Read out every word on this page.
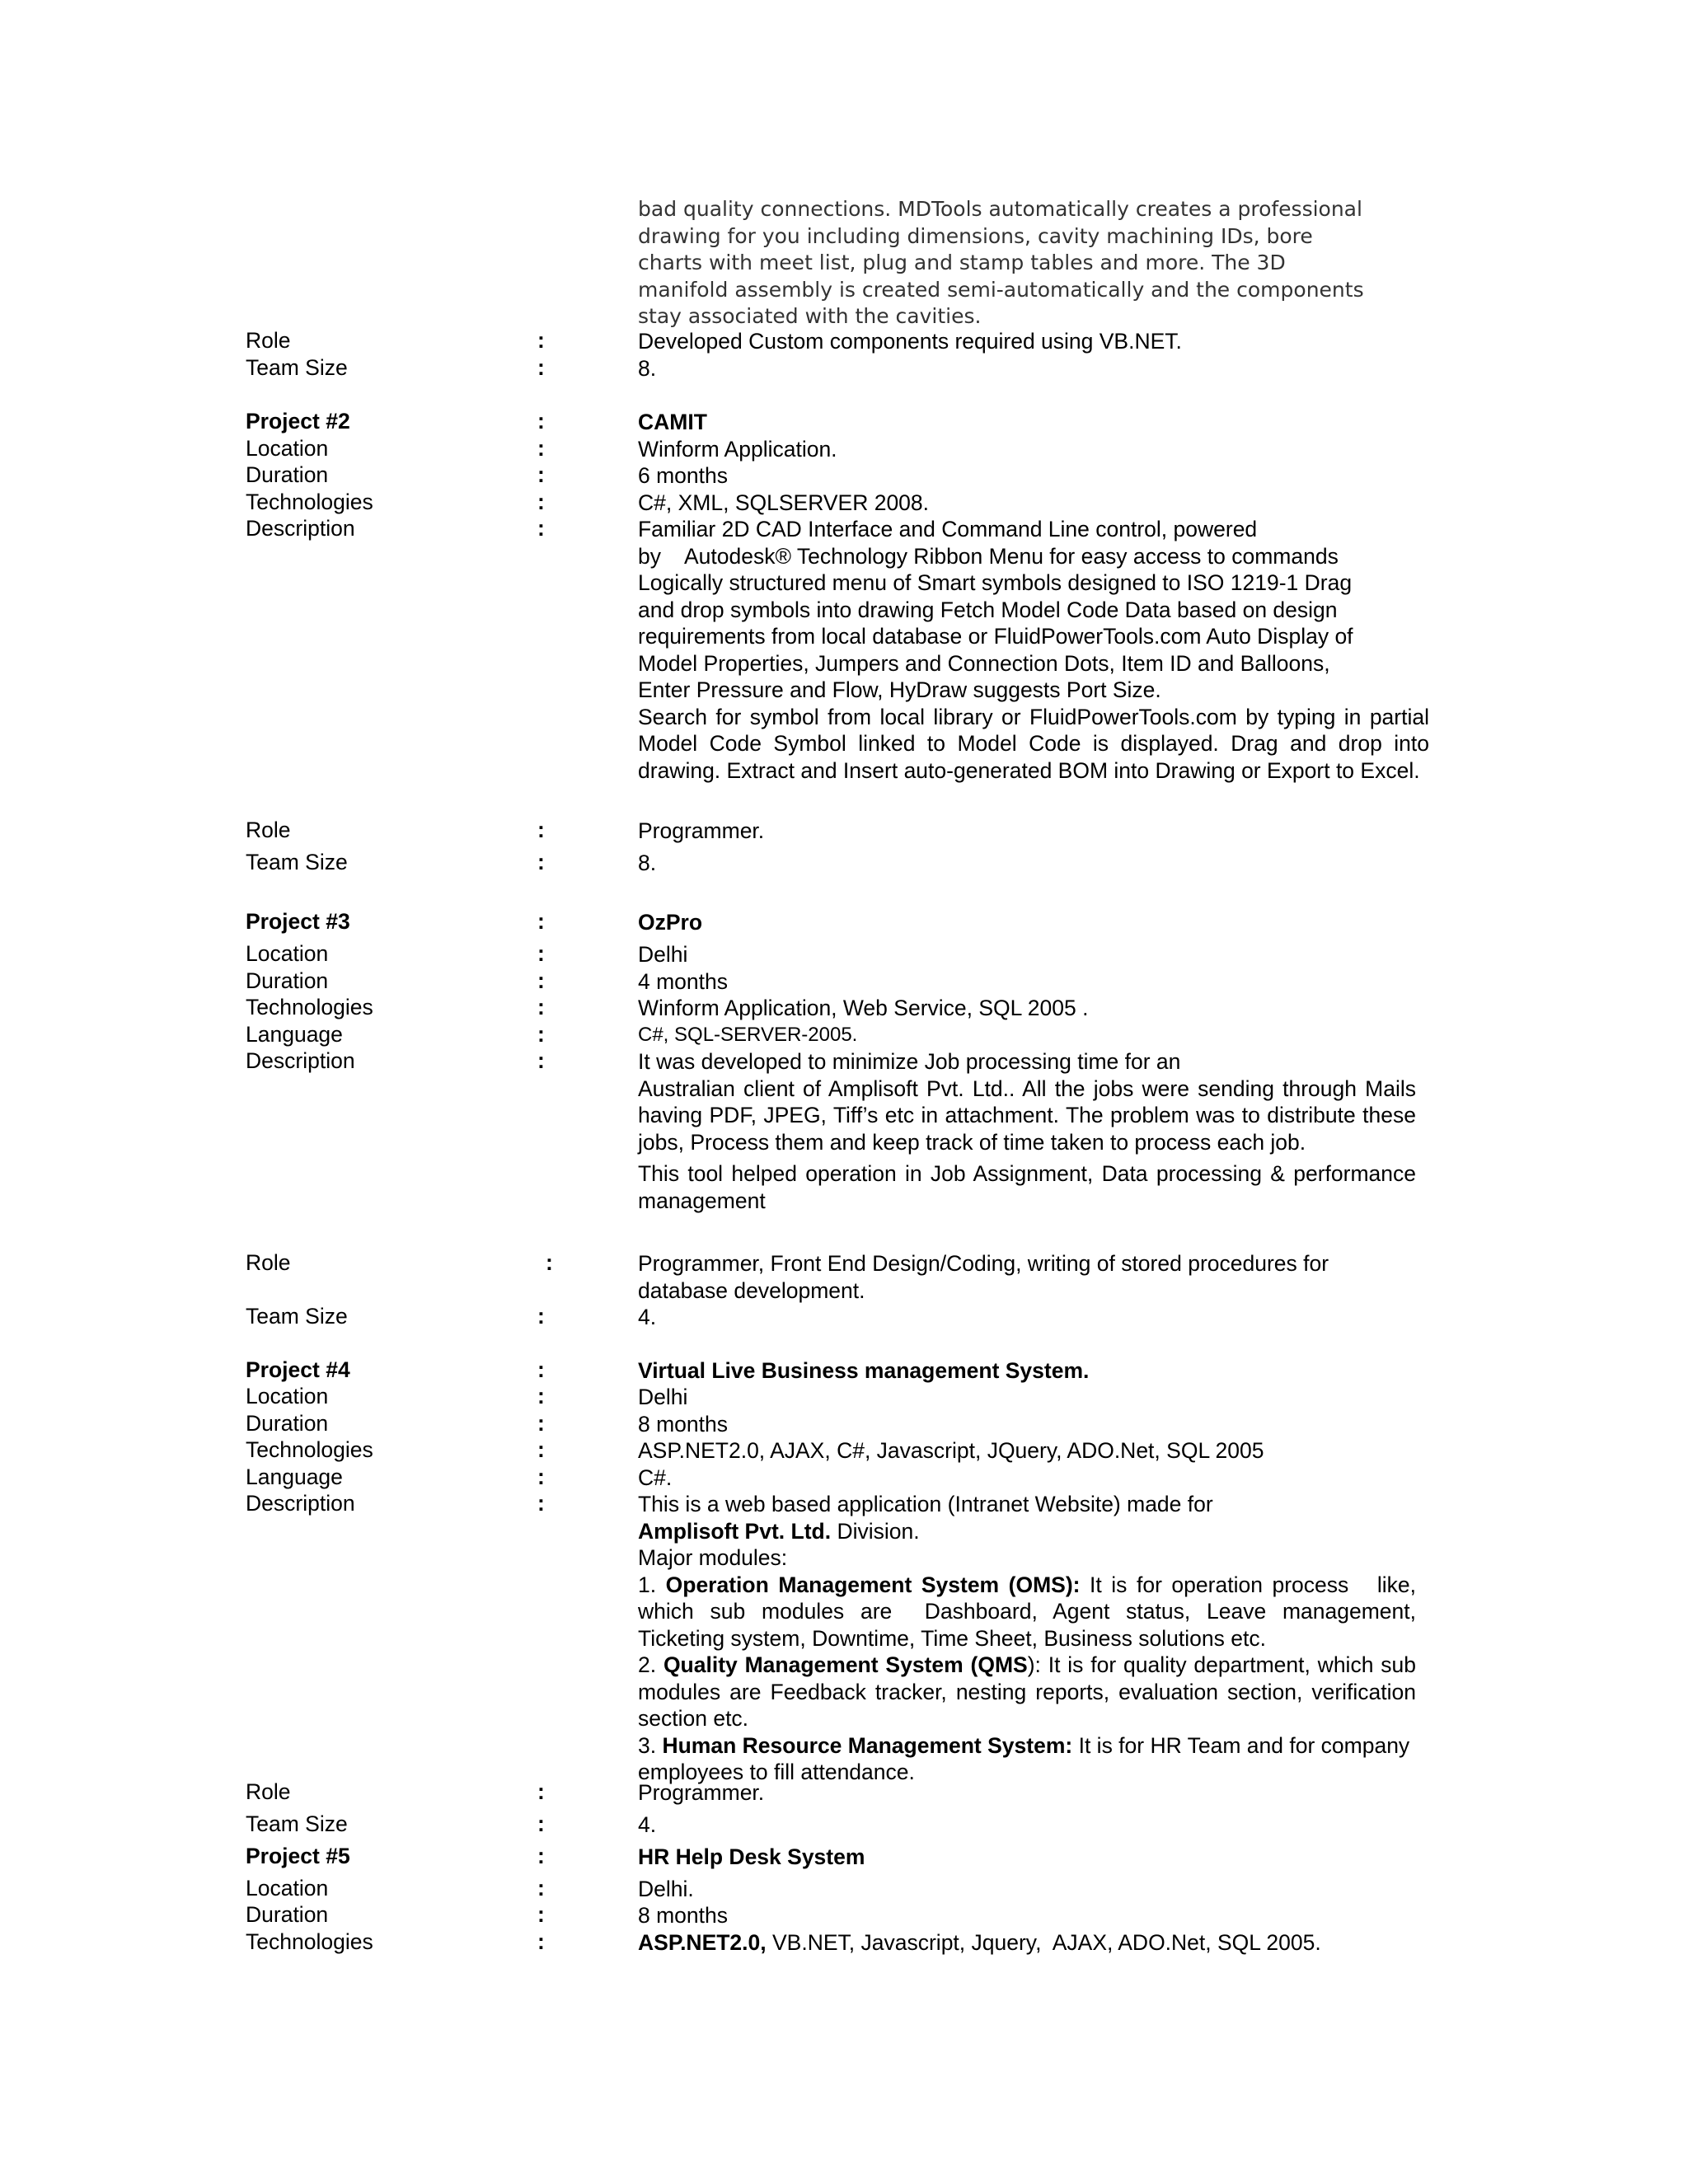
bad quality connections. MDTools automatically creates a professional

drawing for you including dimensions, cavity machining IDs, bore

charts with meet list, plug and stamp tables and more. The 3D

manifold assembly is created semi-automatically and the components

stay associated with the cavities.

Role	:	Developed Custom components required using VB.NET.
Team Size	:	8.
Project #2	:	CAMIT
Location	:	Winform Application.
Duration	:	6 months
Technologies	:	C#, XML, SQLSERVER 2008.
Description	:	Familiar 2D CAD Interface and Command Line control, powered

by    Autodesk® Technology Ribbon Menu for easy access to commands

Logically structured menu of Smart symbols designed to ISO 1219-1 Drag

and drop symbols into drawing Fetch Model Code Data based on design

requirements from local database or FluidPowerTools.com Auto Display of

Model Properties, Jumpers and Connection Dots, Item ID and Balloons,

Enter Pressure and Flow, HyDraw suggests Port Size.

Search for symbol from local library or FluidPowerTools.com by typing in partial Model Code Symbol linked to Model Code is displayed. Drag and drop into drawing. Extract and Insert auto-generated BOM into Drawing or Export to Excel.

Role	:	Programmer.
Team Size	:	8.
Project #3	:	OzPro
Location	:	Delhi
Duration	:	4 months
Technologies	:	Winform Application, Web Service, SQL 2005 .
Language	:	C#, SQL-SERVER-2005.
Description	:	It was developed to minimize Job processing time for an

Australian client of Amplisoft Pvt. Ltd.. All the jobs were sending through Mails having PDF, JPEG, Tiff’s etc in attachment. The problem was to distribute these jobs, Process them and keep track of time taken to process each job.

This tool helped operation in Job Assignment, Data processing & performance management

Role	:	Programmer, Front End Design/Coding, writing of stored procedures for database development.
Team Size	:	4.
Project #4	:	Virtual Live Business management System.
Location	:	Delhi
Duration	:	8 months
Technologies	:	ASP.NET2.0, AJAX, C#, Javascript, JQuery, ADO.Net, SQL 2005
Language	:	C#.
Description	:	This is a web based application (Intranet Website) made for

Amplisoft Pvt. Ltd. Division.

Major modules:

1. Operation Management System (OMS): It is for operation process   like, which sub modules are  Dashboard, Agent status, Leave management, Ticketing system, Downtime, Time Sheet, Business solutions etc.

2. Quality Management System (QMS): It is for quality department, which sub modules are Feedback tracker, nesting reports, evaluation section, verification section etc.

3. Human Resource Management System: It is for HR Team and for company employees to fill attendance.

Role	:	Programmer.
Team Size	:	4.
Project #5	:	HR Help Desk System
Location	:	Delhi.
Duration	:	8 months
Technologies	:	ASP.NET2.0, VB.NET, Javascript, Jquery,  AJAX, ADO.Net, SQL 2005.
